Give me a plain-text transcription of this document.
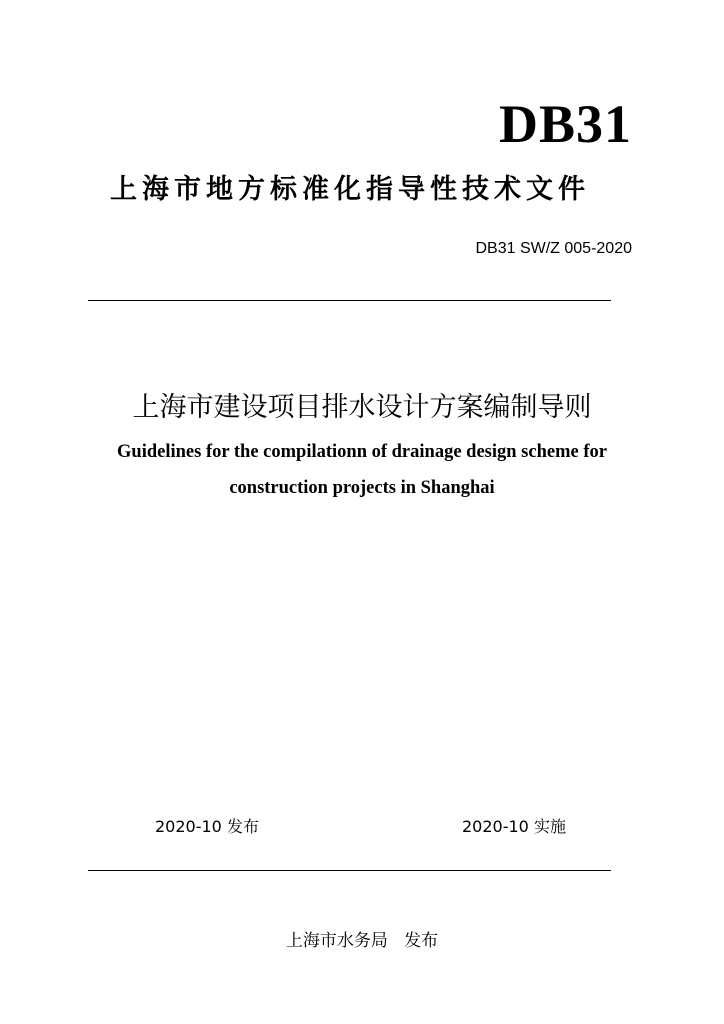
DB31
上海市地方标准化指导性技术文件
DB31 SW/Z 005-2020
上海市建设项目排水设计方案编制导则
Guidelines for the compilationn of drainage design scheme for construction projects in Shanghai
2020-10 发布	2020-10 实施
上海市水务局   发布
